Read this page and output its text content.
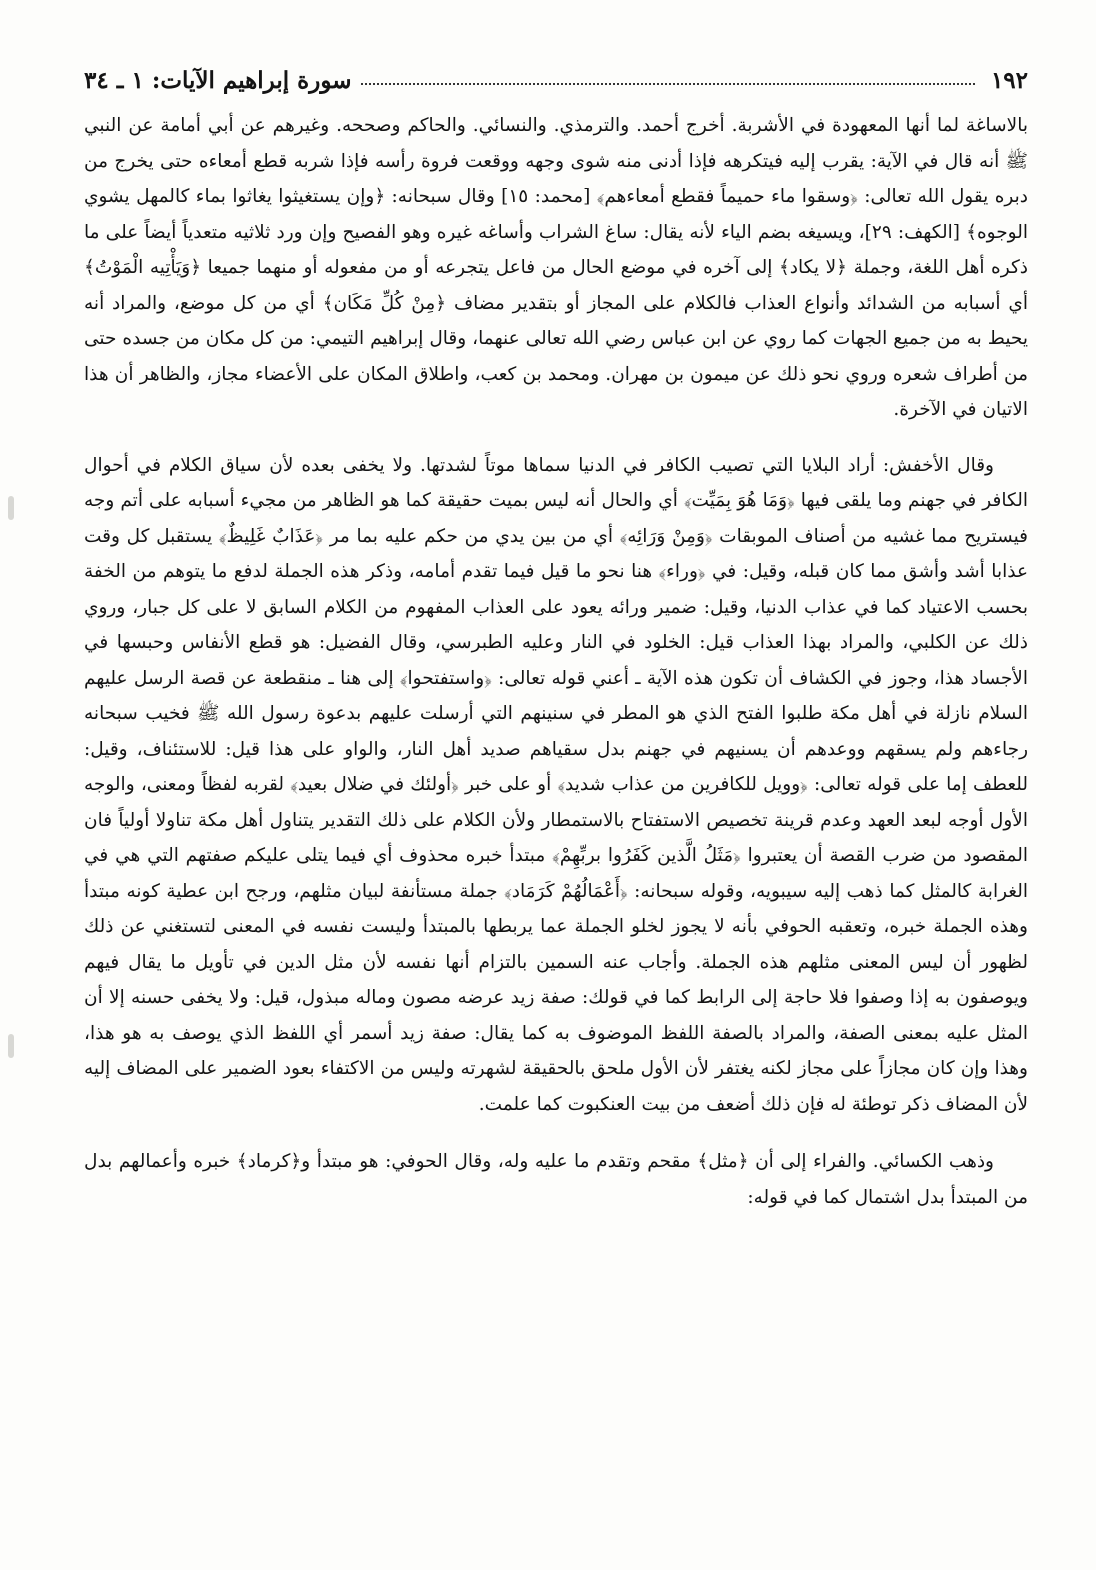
١٩٢
سورة إبراهيم الآيات: ١ ـ ٣٤

بالاساغة لما أنها المعهودة في الأشربة. أخرج أحمد. والترمذي. والنسائي. والحاكم وصححه. وغيرهم عن أبي أمامة عن النبي ﷺ أنه قال في الآية: يقرب إليه فيتكرهه فإذا أدنى منه شوى وجهه ووقعت فروة رأسه فإذا شربه قطع أمعاءه حتى يخرج من دبره يقول الله تعالى: ﴿وسقوا ماء حميماً فقطع أمعاءهم﴾ [محمد: ١٥] وقال سبحانه: ﴿وإن يستغيثوا يغاثوا بماء كالمهل يشوي الوجوه﴾ [الكهف: ٢٩]، ويسيغه بضم الياء لأنه يقال: ساغ الشراب وأساغه غيره وهو الفصيح وإن ورد ثلاثيه متعدياً أيضاً على ما ذكره أهل اللغة، وجملة ﴿لا يكاد﴾ إلى آخره في موضع الحال من فاعل يتجرعه أو من مفعوله أو منهما جميعا ﴿وَيَأْتِيه الْمَوْتُ﴾ أي أسبابه من الشدائد وأنواع العذاب فالكلام على المجاز أو بتقدير مضاف ﴿مِنْ كُلِّ مَكَان﴾ أي من كل موضع، والمراد أنه يحيط به من جميع الجهات كما روي عن ابن عباس رضي الله تعالى عنهما، وقال إبراهيم التيمي: من كل مكان من جسده حتى من أطراف شعره وروي نحو ذلك عن ميمون بن مهران. ومحمد بن كعب، واطلاق المكان على الأعضاء مجاز، والظاهر أن هذا الاتيان في الآخرة.

وقال الأخفش: أراد البلايا التي تصيب الكافر في الدنيا سماها موتاً لشدتها. ولا يخفى بعده لأن سياق الكلام في أحوال الكافر في جهنم وما يلقى فيها ﴿وَمَا هُوَ بِمَيِّت﴾ أي والحال أنه ليس بميت حقيقة كما هو الظاهر من مجيء أسبابه على أتم وجه فيستريح مما غشيه من أصناف الموبقات ﴿وَمِنْ وَرَائِه﴾ أي من بين يدي من حكم عليه بما مر ﴿عَذَابٌ غَلِيظٌ﴾ يستقبل كل وقت عذابا أشد وأشق مما كان قبله، وقيل: في ﴿وراء﴾ هنا نحو ما قيل فيما تقدم أمامه، وذكر هذه الجملة لدفع ما يتوهم من الخفة بحسب الاعتياد كما في عذاب الدنيا، وقيل: ضمير ورائه يعود على العذاب المفهوم من الكلام السابق لا على كل جبار، وروي ذلك عن الكلبي، والمراد بهذا العذاب قيل: الخلود في النار وعليه الطبرسي، وقال الفضيل: هو قطع الأنفاس وحبسها في الأجساد هذا، وجوز في الكشاف أن تكون هذه الآية ـ أعني قوله تعالى: ﴿واستفتحوا﴾ إلى هنا ـ منقطعة عن قصة الرسل عليهم السلام نازلة في أهل مكة طلبوا الفتح الذي هو المطر في سنينهم التي أرسلت عليهم بدعوة رسول الله ﷺ فخيب سبحانه رجاءهم ولم يسقهم ووعدهم أن يسنيهم في جهنم بدل سقياهم صديد أهل النار، والواو على هذا قيل: للاستئناف، وقيل: للعطف إما على قوله تعالى: ﴿وويل للكافرين من عذاب شديد﴾ أو على خبر ﴿أولئك في ضلال بعيد﴾ لقربه لفظاً ومعنى، والوجه الأول أوجه لبعد العهد وعدم قرينة تخصيص الاستفتاح بالاستمطار ولأن الكلام على ذلك التقدير يتناول أهل مكة تناولا أولياً فان المقصود من ضرب القصة أن يعتبروا ﴿مَثَلُ الَّذين كَفَرُوا بربِّهِمْ﴾ مبتدأ خبره محذوف أي فيما يتلى عليكم صفتهم التي هي في الغرابة كالمثل كما ذهب إليه سيبويه، وقوله سبحانه: ﴿أَعْمَالُهُمْ كَرَمَاد﴾ جملة مستأنفة لبيان مثلهم، ورجح ابن عطية كونه مبتدأ وهذه الجملة خبره، وتعقبه الحوفي بأنه لا يجوز لخلو الجملة عما يربطها بالمبتدأ وليست نفسه في المعنى لتستغني عن ذلك لظهور أن ليس المعنى مثلهم هذه الجملة. وأجاب عنه السمين بالتزام أنها نفسه لأن مثل الدين في تأويل ما يقال فيهم ويوصفون به إذا وصفوا فلا حاجة إلى الرابط كما في قولك: صفة زيد عرضه مصون وماله مبذول، قيل: ولا يخفى حسنه إلا أن المثل عليه بمعنى الصفة، والمراد بالصفة اللفظ الموضوف به كما يقال: صفة زيد أسمر أي اللفظ الذي يوصف به هو هذا، وهذا وإن كان مجازاً على مجاز لكنه يغتفر لأن الأول ملحق بالحقيقة لشهرته وليس من الاكتفاء بعود الضمير على المضاف إليه لأن المضاف ذكر توطئة له فإن ذلك أضعف من بيت العنكبوت كما علمت.

وذهب الكسائي. والفراء إلى أن ﴿مثل﴾ مقحم وتقدم ما عليه وله، وقال الحوفي: هو مبتدأ و﴿كرماد﴾ خبره وأعمالهم بدل من المبتدأ بدل اشتمال كما في قوله:
